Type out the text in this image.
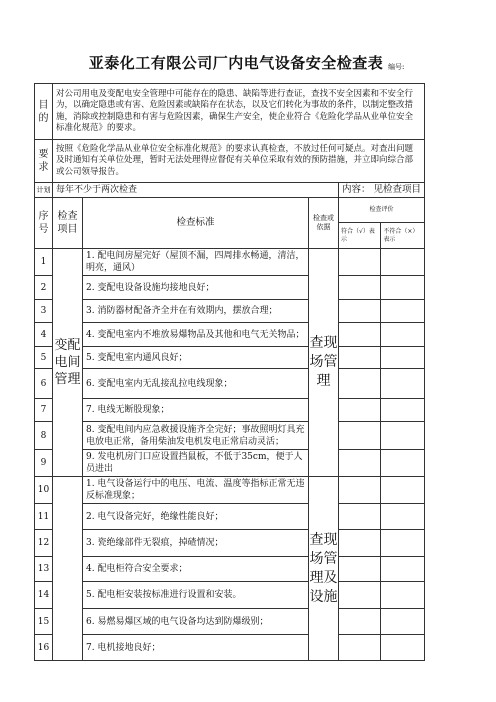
亚泰化工有限公司厂内电气设备安全检查表 编号:
目的	对公司用电及变配电安全管理中可能存在的隐患、缺陷等进行查证，查找不安全因素和不安全行为，以确定隐患或有害、危险因素或缺陷存在状态，以及它们转化为事故的条件，以制定整改措施，消除或控制隐患和有害与危险因素，确保生产安全，使企业符合《危险化学品从业单位安全标准化规范》的要求。				
要求	按照《危险化学品从业单位安全标准化规范》的要求认真检查，不放过任何可疑点。对查出问题及时通知有关单位处理，暂时无法处理得应督促有关单位采取有效的预防措施，并立即向综合部或公司领导报告。				
计划	每年不少于两次检查			内容： 见检查项目	
序号	检查项目	检查标准	检查或依据	检查评价	
				符合（√）表示	不符合（×）表示
1	变配电间管理	1. 配电间房屋完好（屋顶不漏，四周排水畅通，清洁，明亮，通风）	查现场管理		
2		2. 变配电设备设施均接地良好；			
3		3. 消防器材配备齐全并在有效期内，摆放合理；			
4		4. 变配电室内不堆放易爆物品及其他和电气无关物品；			
5		5. 变配电室内通风良好；			
6		6. 变配电室内无乱接乱拉电线现象；			
7		7. 电线无断股现象；			
8		8. 变配电间内应急救援设施齐全完好；事故照明灯具充电放电正常，备用柴油发电机发电正常启动灵活；			
9		9. 发电机房门口应设置挡鼠板，不低于35cm，便于人员进出			
10		1. 电气设备运行中的电压、电流、温度等指标正常无违反标准现象；	查现场管理及设施		
11		2. 电气设备完好，绝缘性能良好；			
12		3. 瓷绝缘部件无裂痕，掉碴情况；			
13		4. 配电柜符合安全要求；			
14		5. 配电柜安装按标准进行设置和安装。			
15		6. 易燃易爆区域的电气设备均达到防爆级别；			
16		7. 电机接地良好；			
